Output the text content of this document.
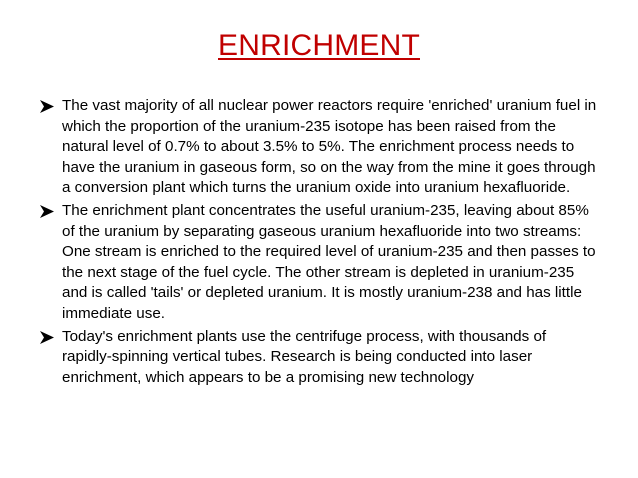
ENRICHMENT
The vast majority of all nuclear power reactors require 'enriched' uranium fuel in which the proportion of the uranium-235 isotope has been raised from the natural level of 0.7% to about 3.5% to 5%. The enrichment process needs to have the uranium in gaseous form, so on the way from the mine it goes through a conversion plant which turns the uranium oxide into uranium hexafluoride.
The enrichment plant concentrates the useful uranium-235, leaving about 85% of the uranium by separating gaseous uranium hexafluoride into two streams: One stream is enriched to the required level of uranium-235 and then passes to the next stage of the fuel cycle. The other stream is depleted in uranium-235 and is called 'tails' or depleted uranium. It is mostly uranium-238 and has little immediate use.
Today's enrichment plants use the centrifuge process, with thousands of rapidly-spinning vertical tubes. Research is being conducted into laser enrichment, which appears to be a promising new technology
